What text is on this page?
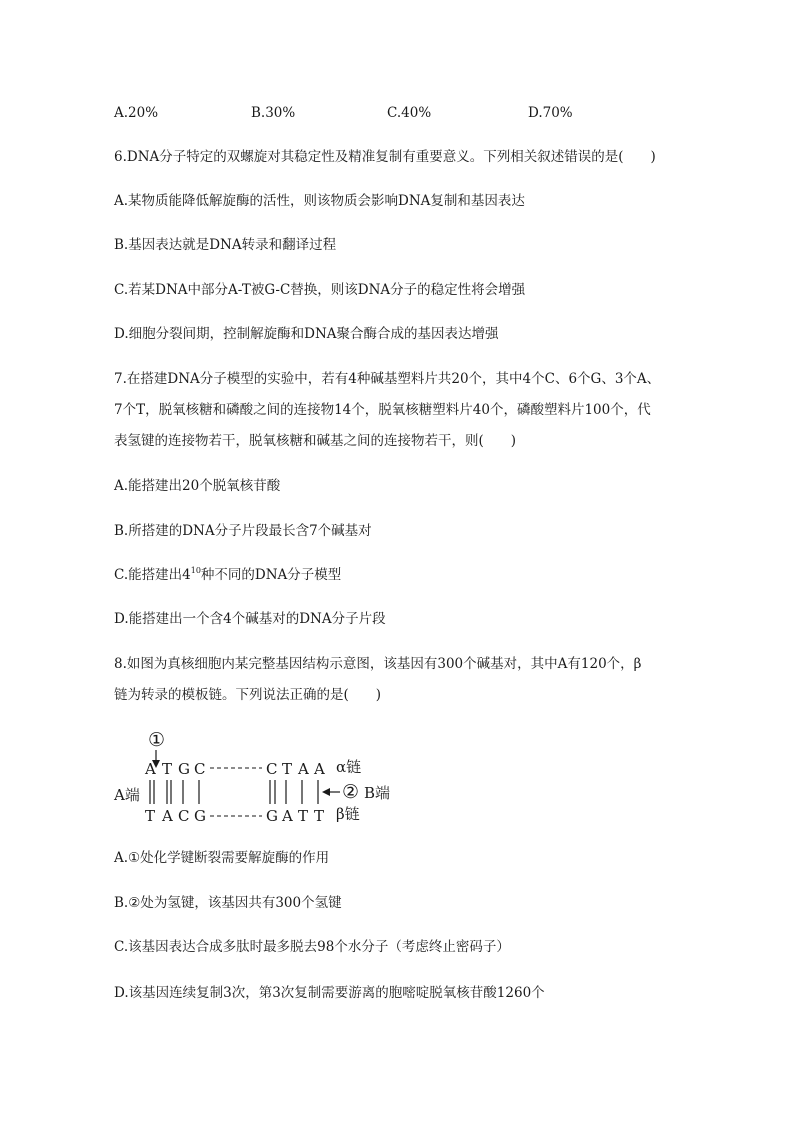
A.20%	B.30%	C.40%	D.70%
6.DNA分子特定的双螺旋对其稳定性及精准复制有重要意义。下列相关叙述错误的是(　　)
A.某物质能降低解旋酶的活性，则该物质会影响DNA复制和基因表达
B.基因表达就是DNA转录和翻译过程
C.若某DNA中部分A-T被G-C替换，则该DNA分子的稳定性将会增强
D.细胞分裂间期，控制解旋酶和DNA聚合酶合成的基因表达增强
7.在搭建DNA分子模型的实验中，若有4种碱基塑料片共20个，其中4个C、6个G、3个A、
7个T，脱氧核糖和磷酸之间的连接物14个，脱氧核糖塑料片40个，磷酸塑料片100个，代
表氢键的连接物若干，脱氧核糖和碱基之间的连接物若干，则(　　)
A.能搭建出20个脱氧核苷酸
B.所搭建的DNA分子片段最长含7个碱基对
C.能搭建出$4^{10}$种不同的DNA分子模型
D.能搭建出一个含4个碱基对的DNA分子片段
8.如图为真核细胞内某完整基因结构示意图，该基因有300个碱基对，其中A有120个，β
链为转录的模板链。下列说法正确的是(　　)
①
A T G C	C T A A α链
A端	② B端
T A C G	G A T T β链
A.①处化学键断裂需要解旋酶的作用
B.②处为氢键，该基因共有300个氢键
C.该基因表达合成多肽时最多脱去98个水分子（考虑终止密码子）
D.该基因连续复制3次，第3次复制需要游离的胞嘧啶脱氧核苷酸1260个
